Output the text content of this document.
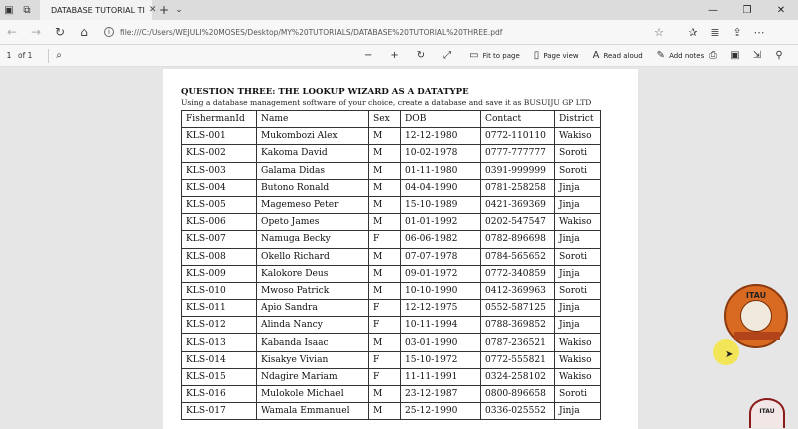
▣ ⧉	DATABASE TUTORIAL TI ✕ + ⌄	—	❐	✕
←	→	↻	⌂	i	file:///C:/Users/WEJULI%20MOSES/Desktop/MY%20TUTORIALS/DATABASE%20TUTORIAL%20THREE.pdf	☆	✰	≣	⇪	⋯
1 of 1	⌕	− + ↻ ⤢ ▭ Fit to page ▯ Page view A Read aloud ✎ Add notes ⎙	▣	⇲	⚲
QUESTION THREE: THE LOOKUP WIZARD AS A DATATYPE
Using a database management software of your choice, create a database and save it as BUSUIJU GP LTD
FishermanId	Name	Sex	DOB	Contact	District
KLS-001	Mukombozi Alex	M	12-12-1980	0772-110110	Wakiso
KLS-002	Kakoma David	M	10-02-1978	0777-777777	Soroti
KLS-003	Galama Didas	M	01-11-1980	0391-999999	Soroti
KLS-004	Butono Ronald	M	04-04-1990	0781-258258	Jinja
KLS-005	Magemeso Peter	M	15-10-1989	0421-369369	Jinja
KLS-006	Opeto James	M	01-01-1992	0202-547547	Wakiso
KLS-007	Namuga Becky	F	06-06-1982	0782-896698	Jinja
KLS-008	Okello Richard	M	07-07-1978	0784-565652	Soroti
KLS-009	Kalokore Deus	M	09-01-1972	0772-340859	Jinja
KLS-010	Mwoso Patrick	M	10-10-1990	0412-369963	Soroti
KLS-011	Apio Sandra	F	12-12-1975	0552-587125	Jinja
KLS-012	Alinda Nancy	F	10-11-1994	0788-369852	Jinja
KLS-013	Kabanda Isaac	M	03-01-1990	0787-236521	Wakiso
KLS-014	Kisakye Vivian	F	15-10-1972	0772-555821	Wakiso
KLS-015	Ndagire Mariam	F	11-11-1991	0324-258102	Wakiso
KLS-016	Mulokole Michael	M	23-12-1987	0800-896658	Soroti
KLS-017	Wamala Emmanuel	M	25-12-1990	0336-025552	Jinja
ITAU
ITAU
➤
